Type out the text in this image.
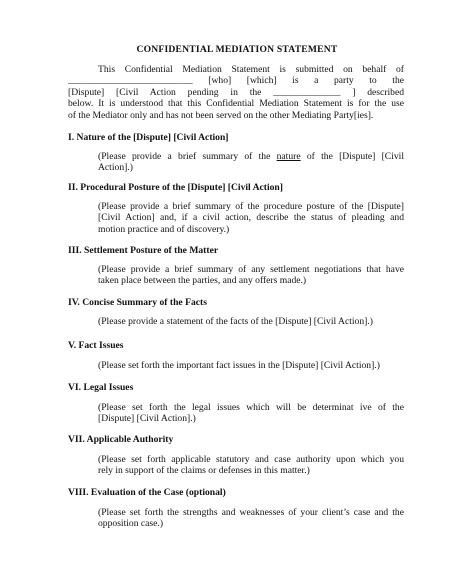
CONFIDENTIAL MEDIATION STATEMENT
This Confidential Mediation Statement is submitted on behalf of
__________________________ [who] [which] is a party to the
[Dispute] [Civil Action pending in the ______________ ] described
below. It is understood that this Confidential Mediation Statement is for the use
of the Mediator only and has not been served on the other Mediating Party[ies].
I. Nature of the [Dispute] [Civil Action]
(Please provide a brief summary of the nature of the [Dispute] [Civil
Action].)
II. Procedural Posture of the [Dispute] [Civil Action]
(Please provide a brief summary of the procedure posture of the [Dispute]
[Civil Action] and, if a civil action, describe the status of pleading and
motion practice and of discovery.)
III. Settlement Posture of the Matter
(Please provide a brief summary of any settlement negotiations that have
taken place between the parties, and any offers made.)
IV. Concise Summary of the Facts
(Please provide a statement of the facts of the [Dispute] [Civil Action].)
V. Fact Issues
(Please set forth the important fact issues in the [Dispute] [Civil Action].)
VI. Legal Issues
(Please set forth the legal issues which will be determinat ive of the
[Dispute] [Civil Action].)
VII. Applicable Authority
(Please set forth applicable statutory and case authority upon which you
rely in support of the claims or defenses in this matter.)
VIII. Evaluation of the Case (optional)
(Please set forth the strengths and weaknesses of your client’s case and the
opposition case.)
